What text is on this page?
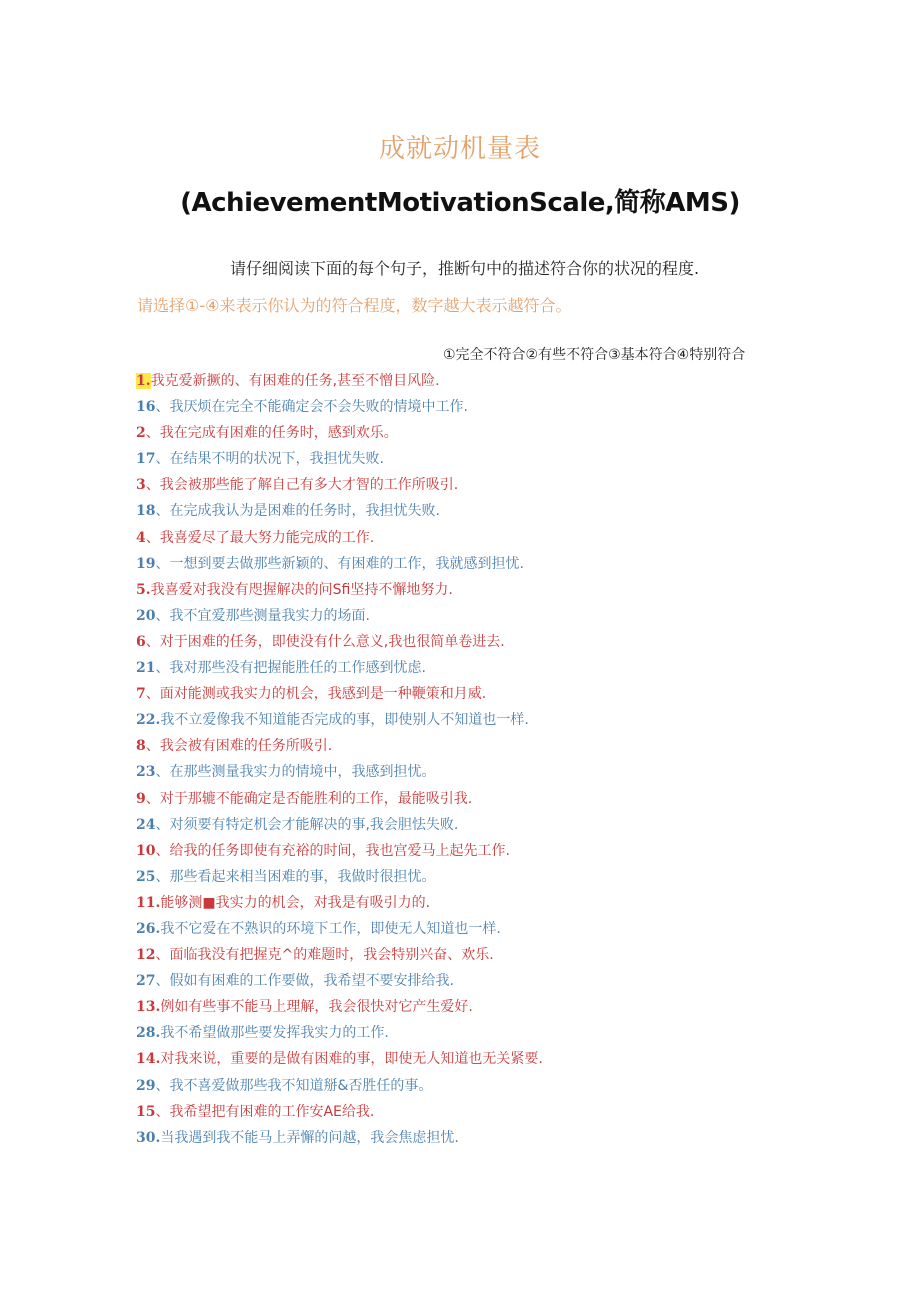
成就动机量表
(AchievementMotivationScale,简称AMS)
请仔细阅读下面的每个句子，推断句中的描述符合你的状况的程度.
请选择①-④来表示你认为的符合程度，数字越大表示越符合。
①完全不符合②有些不符合③基本符合④特别符合
1.我克爱新撅的、有困难的任务,甚至不憎目风险.
16、我厌烦在完全不能确定会不会失败的情境中工作.
2、我在完成有困难的任务时，感到欢乐。
17、在结果不明的状况下，我担忧失败.
3、我会被那些能了解自己有多大才智的工作所吸引.
18、在完成我认为是困难的任务时，我担忧失败.
4、我喜爱尽了最大努力能完成的工作.
19、一想到要去做那些新颖的、有困难的工作，我就感到担忧.
5.我喜爱对我没有咫握解决的问Sfi坚持不懈地努力.
20、我不宜爱那些测量我实力的场面.
6、对于困难的任务，即使没有什么意义,我也很简单卷进去.
21、我对那些没有把握能胜任的工作感到忧虑.
7、面对能测或我实力的机会，我感到是一种鞭策和月威.
22.我不立爱像我不知道能否完成的事，即使别人不知道也一样.
8、我会被有困难的任务所吸引.
23、在那些测量我实力的情境中，我感到担忧。
9、对于那辘不能确定是否能胜利的工作，最能吸引我.
24、对须要有特定机会才能解决的事,我会胆怯失败.
10、给我的任务即使有充裕的时间，我也宫爱马上起先工作.
25、那些看起来相当困难的事，我做时很担忧。
11.能够测■我实力的机会，对我是有吸引力的.
26.我不它爱在不熟识的环境下工作，即使无人知道也一样.
12、面临我没有把握克^的难题时，我会特别兴奋、欢乐.
27、假如有困难的工作要做，我希望不要安排给我.
13.例如有些事不能马上理解，我会很快对它产生爱好.
28.我不希望做那些要发挥我实力的工作.
14.对我来说，重要的是做有困难的事，即使无人知道也无关紧要.
29、我不喜爱做那些我不知道掰&否胜任的事。
15、我希望把有困难的工作安AE给我.
30.当我遇到我不能马上弄懈的问越，我会焦虑担忧.
